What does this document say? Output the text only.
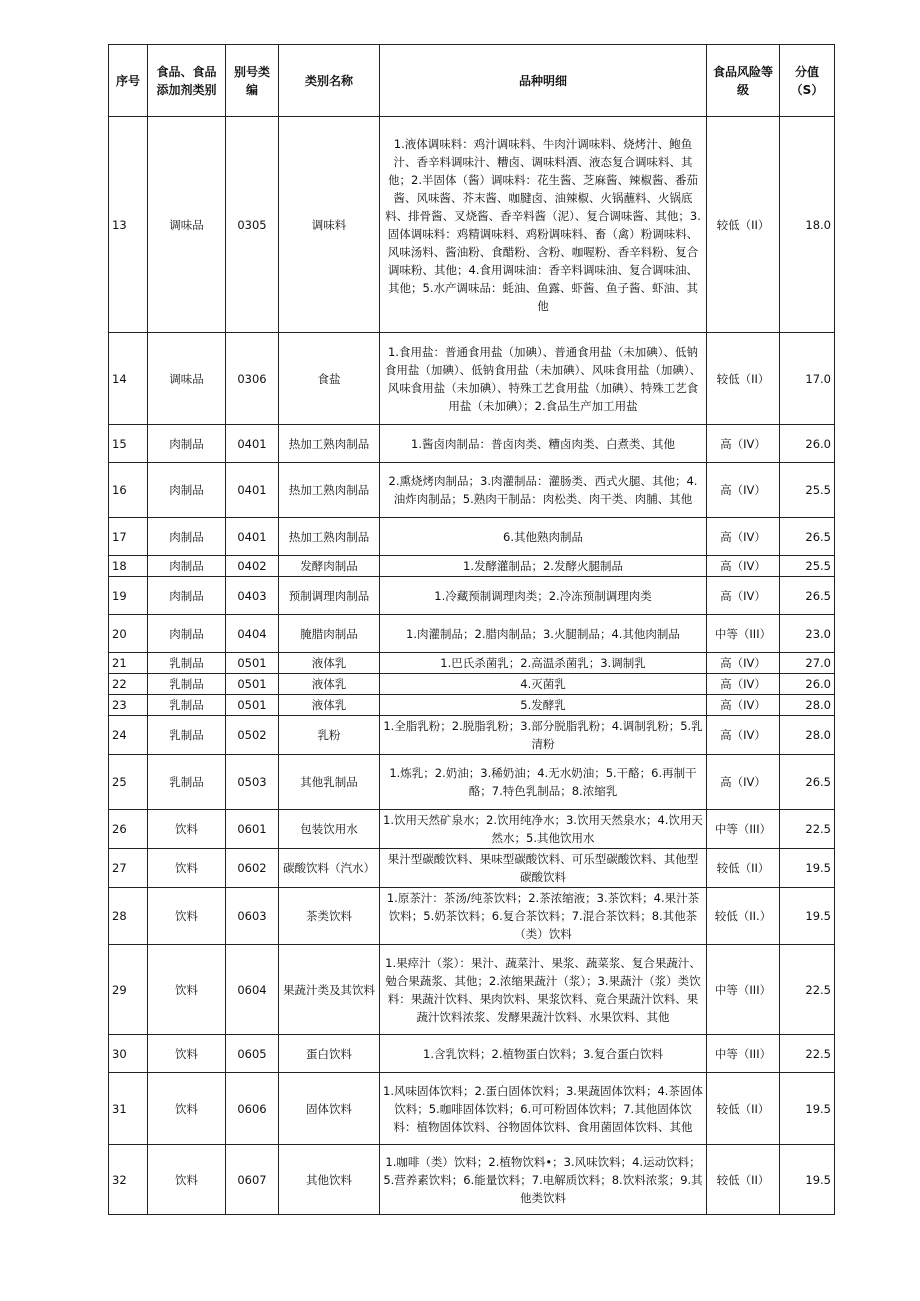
序号	食品、食品添加剂类别	别号类编	类别名称	品种明细	食品风险等级	分值（S）
13	调味品	0305	调味料	1.液体调味料：鸡汁调味料、牛肉汁调味料、烧烤汁、鲍鱼汁、香辛料调味汁、糟卤、调味料酒、液态复合调味料、其他；2.半固体（酱）调味料：花生酱、芝麻酱、辣椒酱、番茄酱、风味酱、芥末酱、咖腱卤、油辣椒、火锅蘸料、火锅底料、排骨酱、叉烧酱、香辛料酱（泥）、复合调味酱、其他；3.固体调味料：鸡精调味料、鸡粉调味料、畜（禽）粉调味料、风味汤料、酱油粉、食醋粉、含粉、咖喔粉、香辛料粉、复合调味粉、其他；4.食用调味油：香辛料调味油、复合调味油、其他；5.水产调味品：蚝油、鱼露、虾酱、鱼子酱、虾油、其他	较低（II）	18.0
14	调味品	0306	食盐	1.食用盐：普通食用盐（加碘）、普通食用盐（未加碘）、低钠食用盐（加碘）、低钠食用盐（未加碘）、风味食用盐（加碘）、风味食用盐（未加碘）、特殊工艺食用盐（加碘）、特殊工艺食用盐（未加碘）；2.食品生产加工用盐	较低（II）	17.0
15	肉制品	0401	热加工熟肉制品	1.酱卤肉制品：普卤肉类、糟卤肉类、白煮类、其他	高（IV）	26.0
16	肉制品	0401	热加工熟肉制品	2.熏烧烤肉制品；3.肉灌制品：灌肠类、西式火腿、其他；4.油炸肉制品；5.熟肉干制品：肉松类、肉干类、肉脯、其他	高（IV）	25.5
17	肉制品	0401	热加工熟肉制品	6.其他熟肉制品	高（IV）	26.5
18	肉制品	0402	发酵肉制品	1.发酵灌制品；2.发酵火腿制品	高（IV）	25.5
19	肉制品	0403	预制调理肉制品	1.冷藏预制调理肉类；2.冷冻预制调理肉类	高（IV）	26.5
20	肉制品	0404	腌腊肉制品	1.肉灌制品；2.腊肉制品；3.火腿制品；4.其他肉制品	中等（III）	23.0
21	乳制品	0501	液体乳	1.巴氏杀菌乳；2.高温杀菌乳；3.调制乳	高（IV）	27.0
22	乳制品	0501	液体乳	4.灭菌乳	高（IV）	26.0
23	乳制品	0501	液体乳	5.发酵乳	高（IV）	28.0
24	乳制品	0502	乳粉	1.全脂乳粉；2.脱脂乳粉；3.部分脱脂乳粉；4.调制乳粉；5.乳清粉	高（IV）	28.0
25	乳制品	0503	其他乳制品	1.炼乳；2.奶油；3.稀奶油；4.无水奶油；5.干酪；6.再制干酪；7.特色乳制品；8.浓缩乳	高（IV）	26.5
26	饮料	0601	包装饮用水	1.饮用天然矿泉水；2.饮用纯净水；3.饮用天然泉水；4.饮用天然水；5.其他饮用水	中等（III）	22.5
27	饮料	0602	碳酸饮料（汽水）	果汁型碳酸饮料、果味型碳酸饮料、可乐型碳酸饮料、其他型碳酸饮料	较低（II）	19.5
28	饮料	0603	茶类饮料	1.原茶汁：茶汤/纯茶饮料；2.茶浓缩液；3.茶饮料；4.果汁茶饮料；5.奶茶饮料；6.复合茶饮料；7.混合茶饮料；8.其他茶（类）饮料	较低（II.）	19.5
29	饮料	0604	果蔬汁类及其饮料	1.果瘁汁（浆）：果汁、蔬菜汁、果浆、蔬菜浆、复合果蔬汁、勉合果蔬浆、其他；2.浓缩果蔬汁（浆）；3.果蔬汁（浆）类饮料：果蔬汁饮料、果肉饮料、果浆饮料、竟合果蔬汁饮料、果蔬汁饮料浓浆、发酵果蔬汁饮料、水果饮料、其他	中等（III）	22.5
30	饮料	0605	蛋白饮料	1.含乳饮料；2.植物蛋白饮料；3.复合蛋白饮料	中等（III）	22.5
31	饮料	0606	固体饮料	1.风味固体饮料；2.蛋白固体饮料；3.果蔬固体饮料；4.茶固体饮料；5.咖啡固体饮料；6.可可粉固体饮料；7.其他固体饮料：植物固体饮料、谷物固体饮料、食用菌固体饮料、其他	较低（II）	19.5
32	饮料	0607	其他饮料	1.咖啡（类）饮料；2.植物饮料•；3.风味饮料；4.运动饮料；5.营养素饮料；6.能量饮料；7.电解质饮料；8.饮料浓浆；9.其他类饮料	较低（II）	19.5
